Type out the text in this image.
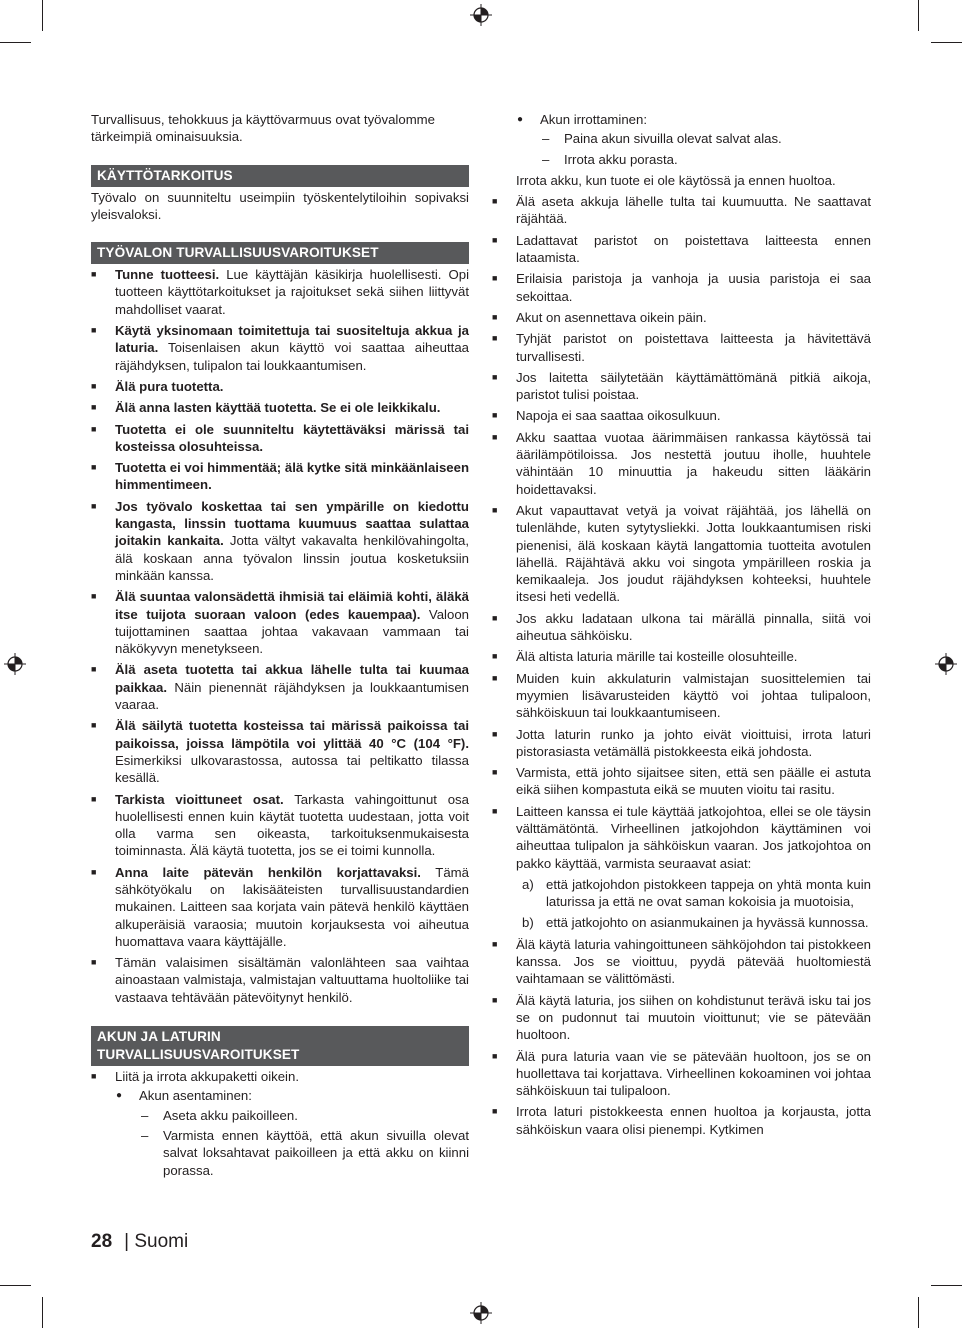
Turvallisuus, tehokkuus ja käyttövarmuus ovat työvalomme tärkeimpiä ominaisuuksia.

KÄYTTÖTARKOITUS

Työvalo on suunniteltu useimpiin työskentelytiloihin sopivaksi yleisvaloksi.

TYÖVALON TURVALLISUUSVAROITUKSET
■ Tunne tuotteesi. Lue käyttäjän käsikirja huolellisesti. Opi tuotteen käyttötarkoitukset ja rajoitukset sekä siihen liittyvät mahdolliset vaarat.
■ Käytä yksinomaan toimitettuja tai suositeltuja akkua ja laturia. Toisenlaisen akun käyttö voi saattaa aiheuttaa räjähdyksen, tulipalon tai loukkaantumisen.
■ Älä pura tuotetta.
■ Älä anna lasten käyttää tuotetta. Se ei ole leikkikalu.
■ Tuotetta ei ole suunniteltu käytettäväksi märissä tai kosteissa olosuhteissa.
■ Tuotetta ei voi himmentää; älä kytke sitä minkäänlaiseen himmentimeen.
■ Jos työvalo koskettaa tai sen ympärille on kiedottu kangasta, linssin tuottama kuumuus saattaa sulattaa joitakin kankaita. Jotta vältyt vakavalta henkilövahingolta, älä koskaan anna työvalon linssin joutua kosketuksiin minkään kanssa.
■ Älä suuntaa valonsädettä ihmisiä tai eläimiä kohti, äläkä itse tuijota suoraan valoon (edes kauempaa). Valoon tuijottaminen saattaa johtaa vakavaan vammaan tai näkökyvyn menetykseen.
■ Älä aseta tuotetta tai akkua lähelle tulta tai kuumaa paikkaa. Näin pienennät räjähdyksen ja loukkaantumisen vaaraa.
■ Älä säilytä tuotetta kosteissa tai märissä paikoissa tai paikoissa, joissa lämpötila voi ylittää 40 °C (104 °F). Esimerkiksi ulkovarastossa, autossa tai peltikatto tilassa kesällä.
■ Tarkista vioittuneet osat. Tarkasta vahingoittunut osa huolellisesti ennen kuin käytät tuotetta uudestaan, jotta voit olla varma sen oikeasta, tarkoituksenmukaisesta toiminnasta. Älä käytä tuotetta, jos se ei toimi kunnolla.
■ Anna laite pätevän henkilön korjattavaksi. Tämä sähkötyökalu on lakisääteisten turvallisuustandardien mukainen. Laitteen saa korjata vain pätevä henkilö käyttäen alkuperäisiä varaosia; muutoin korjauksesta voi aiheutua huomattava vaara käyttäjälle.
■ Tämän valaisimen sisältämän valonlähteen saa vaihtaa ainoastaan valmistaja, valmistajan valtuuttama huoltoliike tai vastaava tehtävään pätevöitynyt henkilö.
AKUN JA LATURIN
TURVALLISUUSVAROITUKSET
■ Liitä ja irrota akkupaketti oikein.
● Akun asentaminen:
– Aseta akku paikoilleen.
– Varmista ennen käyttöä, että akun sivuilla olevat salvat loksahtavat paikoilleen ja että akku on kiinni porassa.
● Akun irrottaminen:
– Paina akun sivuilla olevat salvat alas.
– Irrota akku porasta.
Irrota akku, kun tuote ei ole käytössä ja ennen huoltoa.
■ Älä aseta akkuja lähelle tulta tai kuumuutta. Ne saattavat räjähtää.
■ Ladattavat paristot on poistettava laitteesta ennen lataamista.
■ Erilaisia paristoja ja vanhoja ja uusia paristoja ei saa sekoittaa.
■ Akut on asennettava oikein päin.
■ Tyhjät paristot on poistettava laitteesta ja hävitettävä turvallisesti.
■ Jos laitetta säilytetään käyttämättömänä pitkiä aikoja, paristot tulisi poistaa.
■ Napoja ei saa saattaa oikosulkuun.
■ Akku saattaa vuotaa äärimmäisen rankassa käytössä tai äärilämpötiloissa. Jos nestettä joutuu iholle, huuhtele vähintään 10 minuuttia ja hakeudu sitten lääkärin hoidettavaksi.
■ Akut vapauttavat vetyä ja voivat räjähtää, jos lähellä on tulenlähde, kuten sytytysliekki. Jotta loukkaantumisen riski pienenisi, älä koskaan käytä langattomia tuotteita avotulen lähellä. Räjähtävä akku voi singota ympärilleen roskia ja kemikaaleja. Jos joudut räjähdyksen kohteeksi, huuhtele itsesi heti vedellä.
■ Jos akku ladataan ulkona tai märällä pinnalla, siitä voi aiheutua sähköisku.
■ Älä altista laturia märille tai kosteille olosuhteille.
■ Muiden kuin akkulaturin valmistajan suosittelemien tai myymien lisävarusteiden käyttö voi johtaa tulipaloon, sähköiskuun tai loukkaantumiseen.
■ Jotta laturin runko ja johto eivät vioittuisi, irrota laturi pistorasiasta vetämällä pistokkeesta eikä johdosta.
■ Varmista, että johto sijaitsee siten, että sen päälle ei astuta eikä siihen kompastuta eikä se muuten vioitu tai rasitu.
■ Laitteen kanssa ei tule käyttää jatkojohtoa, ellei se ole täysin välttämätöntä. Virheellinen jatkojohdon käyttäminen voi aiheuttaa tulipalon ja sähköiskun vaaran. Jos jatkojohtoa on pakko käyttää, varmista seuraavat asiat:
a) että jatkojohdon pistokkeen tappeja on yhtä monta kuin laturissa ja että ne ovat saman kokoisia ja muotoisia,
b) että jatkojohto on asianmukainen ja hyvässä kunnossa.
■ Älä käytä laturia vahingoittuneen sähköjohdon tai pistokkeen kanssa. Jos se vioittuu, pyydä pätevää huoltomiestä vaihtamaan se välittömästi.
■ Älä käytä laturia, jos siihen on kohdistunut terävä isku tai jos se on pudonnut tai muutoin vioittunut; vie se pätevään huoltoon.
■ Älä pura laturia vaan vie se pätevään huoltoon, jos se on huollettava tai korjattava. Virheellinen kokoaminen voi johtaa sähköiskuun tai tulipaloon.
■ Irrota laturi pistokkeesta ennen huoltoa ja korjausta, jotta sähköiskun vaara olisi pienempi. Kytkimen
28 | Suomi
